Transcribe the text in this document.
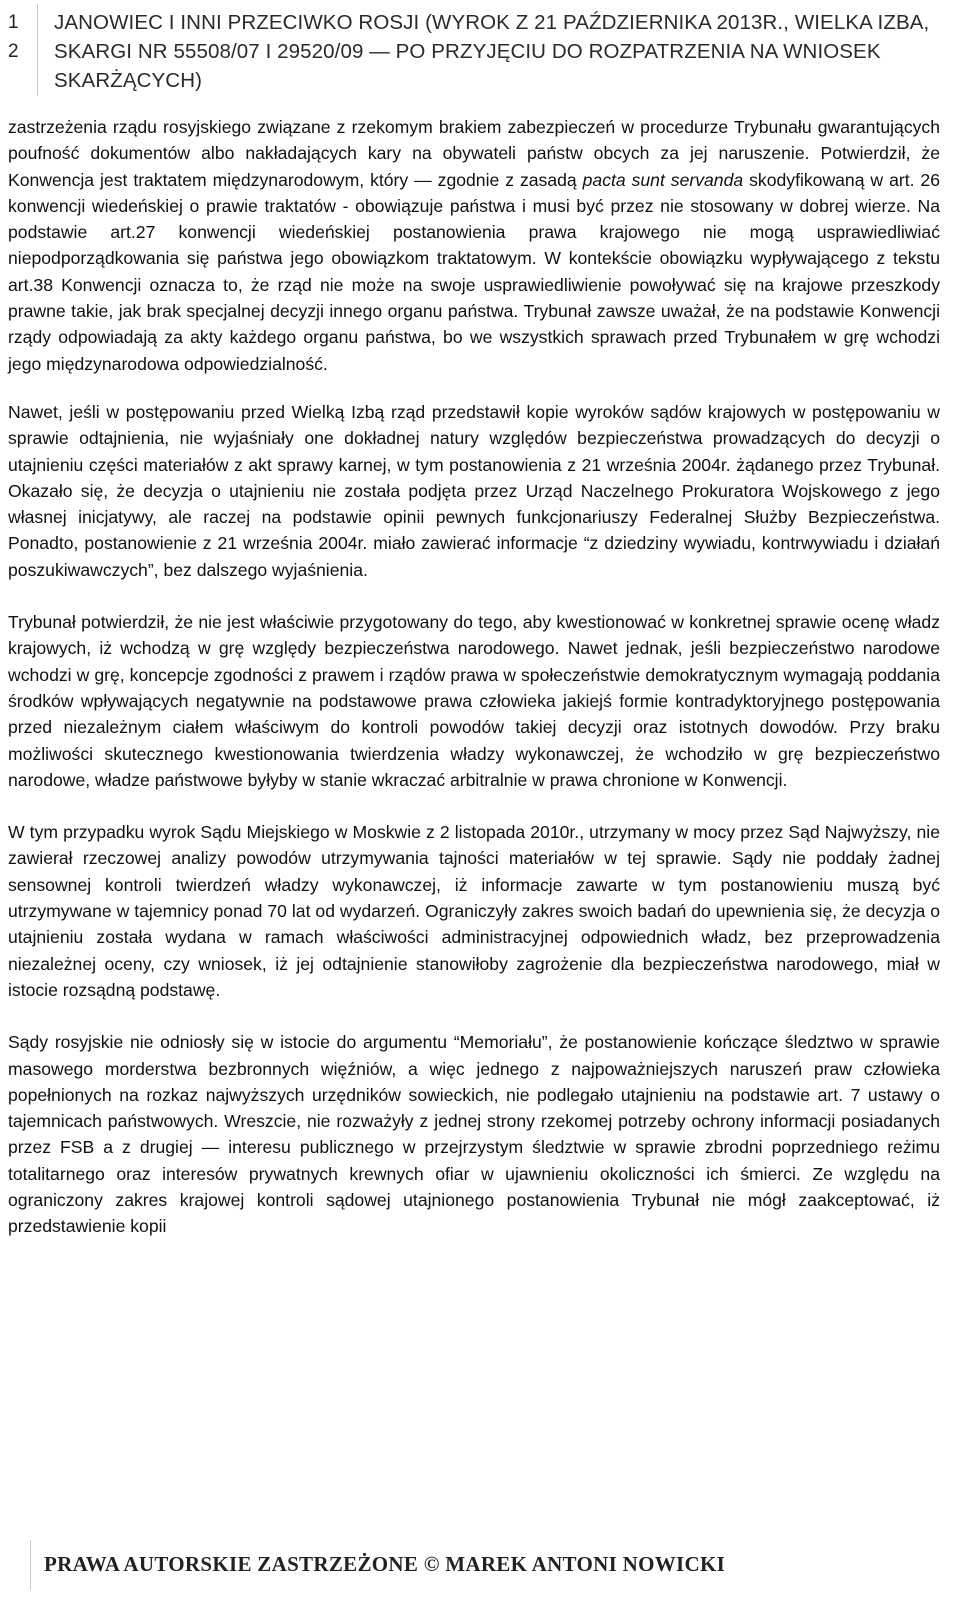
1
2
JANOWIEC I INNI PRZECIWKO ROSJI (WYROK Z 21 PAŹDZIERNIKA 2013R., WIELKA IZBA, SKARGI NR 55508/07 I 29520/09 — PO PRZYJĘCIU DO ROZPATRZENIA NA WNIOSEK SKARŻĄCYCH)

zastrzeżenia rządu rosyjskiego związane z rzekomym brakiem zabezpieczeń w procedurze Trybunału gwarantujących poufność dokumentów albo nakładających kary na obywateli państw obcych za jej naruszenie. Potwierdził, że Konwencja jest traktatem międzynarodowym, który — zgodnie z zasadą pacta sunt servanda skodyfikowaną w art. 26 konwencji wiedeńskiej o prawie traktatów - obowiązuje państwa i musi być przez nie stosowany w dobrej wierze. Na podstawie art.27 konwencji wiedeńskiej postanowienia prawa krajowego nie mogą usprawiedliwiać niepodporządkowania się państwa jego obowiązkom traktatowym. W kontekście obowiązku wypływającego z tekstu art.38 Konwencji oznacza to, że rząd nie może na swoje usprawiedliwienie powoływać się na krajowe przeszkody prawne takie, jak brak specjalnej decyzji innego organu państwa. Trybunał zawsze uważał, że na podstawie Konwencji rządy odpowiadają za akty każdego organu państwa, bo we wszystkich sprawach przed Trybunałem w grę wchodzi jego międzynarodowa odpowiedzialność.

Nawet, jeśli w postępowaniu przed Wielką Izbą rząd przedstawił kopie wyroków sądów krajowych w postępowaniu w sprawie odtajnienia, nie wyjaśniały one dokładnej natury względów bezpieczeństwa prowadzących do decyzji o utajnieniu części materiałów z akt sprawy karnej, w tym postanowienia z 21 września 2004r. żądanego przez Trybunał. Okazało się, że decyzja o utajnieniu nie została podjęta przez Urząd Naczelnego Prokuratora Wojskowego z jego własnej inicjatywy, ale raczej na podstawie opinii pewnych funkcjonariuszy Federalnej Służby Bezpieczeństwa. Ponadto, postanowienie z 21 września 2004r. miało zawierać informacje “z dziedziny wywiadu, kontrwywiadu i działań poszukiwawczych”, bez dalszego wyjaśnienia.

Trybunał potwierdził, że nie jest właściwie przygotowany do tego, aby kwestionować w konkretnej sprawie ocenę władz krajowych, iż wchodzą w grę względy bezpieczeństwa narodowego. Nawet jednak, jeśli bezpieczeństwo narodowe wchodzi w grę, koncepcje zgodności z prawem i rządów prawa w społeczeństwie demokratycznym wymagają poddania środków wpływających negatywnie na podstawowe prawa człowieka jakiejś formie kontradyktoryjnego postępowania przed niezależnym ciałem właściwym do kontroli powodów takiej decyzji oraz istotnych dowodów. Przy braku możliwości skutecznego kwestionowania twierdzenia władzy wykonawczej, że wchodziło w grę bezpieczeństwo narodowe, władze państwowe byłyby w stanie wkraczać arbitralnie w prawa chronione w Konwencji.

W tym przypadku wyrok Sądu Miejskiego w Moskwie z 2 listopada 2010r., utrzymany w mocy przez Sąd Najwyższy, nie zawierał rzeczowej analizy powodów utrzymywania tajności materiałów w tej sprawie. Sądy nie poddały żadnej sensownej kontroli twierdzeń władzy wykonawczej, iż informacje zawarte w tym postanowieniu muszą być utrzymywane w tajemnicy ponad 70 lat od wydarzeń. Ograniczyły zakres swoich badań do upewnienia się, że decyzja o utajnieniu została wydana w ramach właściwości administracyjnej odpowiednich władz, bez przeprowadzenia niezależnej oceny, czy wniosek, iż jej odtajnienie stanowiłoby zagrożenie dla bezpieczeństwa narodowego, miał w istocie rozsądną podstawę.

Sądy rosyjskie nie odniosły się w istocie do argumentu “Memoriału”, że postanowienie kończące śledztwo w sprawie masowego morderstwa bezbronnych więźniów, a więc jednego z najpoważniejszych naruszeń praw człowieka popełnionych na rozkaz najwyższych urzędników sowieckich, nie podlegało utajnieniu na podstawie art. 7 ustawy o tajemnicach państwowych. Wreszcie, nie rozważyły z jednej strony rzekomej potrzeby ochrony informacji posiadanych przez FSB a z drugiej — interesu publicznego w przejrzystym śledztwie w sprawie zbrodni poprzedniego reżimu totalitarnego oraz interesów prywatnych krewnych ofiar w ujawnieniu okoliczności ich śmierci. Ze względu na ograniczony zakres krajowej kontroli sądowej utajnionego postanowienia Trybunał nie mógł zaakceptować, iż przedstawienie kopii

PRAWA AUTORSKIE ZASTRZEŻONE © MAREK ANTONI NOWICKI
